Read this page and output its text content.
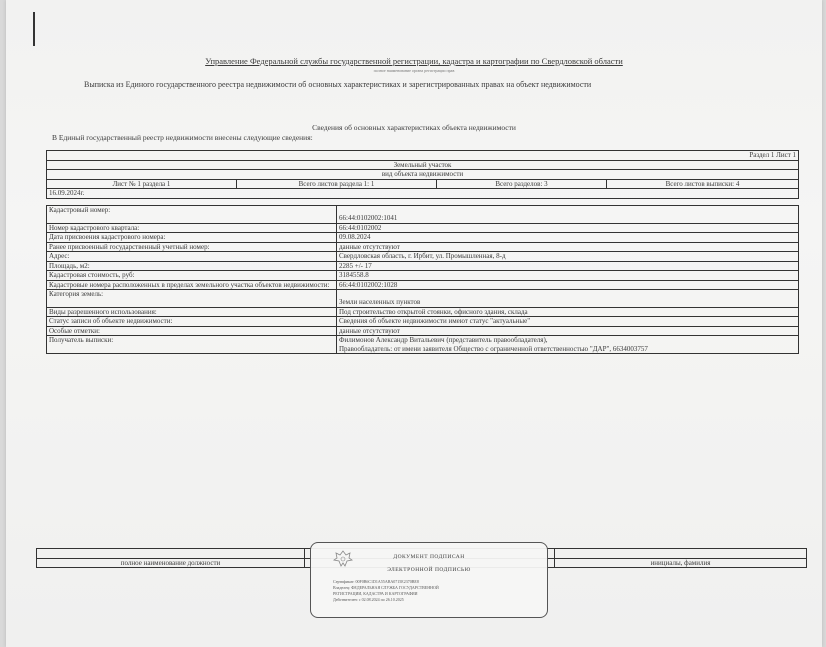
Управление Федеральной службы государственной регистрации, кадастра и картографии по Свердловской области
полное наименование органа регистрации прав
Выписка из Единого государственного реестра недвижимости об основных характеристиках и зарегистрированных правах на объект недвижимости
Сведения об основных характеристиках объекта недвижимости
В Единый государственный реестр недвижимости внесены следующие сведения:
Раздел 1 Лист 1
Земельный участок
вид объекта недвижимости
Лист № 1 раздела 1	Всего листов раздела 1: 1	Всего разделов: 3	Всего листов выписки: 4
16.09.2024г.
Кадастровый номер:	66:44:0102002:1041
Номер кадастрового квартала:	66:44:0102002
Дата присвоения кадастрового номера:	09.08.2024
Ранее присвоенный государственный учетный номер:	данные отсутствуют
Адрес:	Свердловская область, г. Ирбит, ул. Промышленная, 8-д
Площадь, м2:	2285 +/- 17
Кадастровая стоимость, руб:	3184558.8
Кадастровые номера расположенных в пределах земельного участка объектов недвижимости:	66:44:0102002:1028
Категория земель:	Земли населенных пунктов
Виды разрешенного использования:	Под строительство открытой стоянки, офисного здания, склада
Статус записи об объекте недвижимости:	Сведения об объекте недвижимости имеют статус "актуальные"
Особые отметки:	данные отсутствуют
Получатель выписки:	Филимонов Александр Витальевич (представитель правообладателя),
Правообладатель: от имени заявителя Общество с ограниченной ответственностью "ДАР", 6634003757

полное наименование должности		инициалы, фамилия
ДОКУМЕНТ ПОДПИСАН
ЭЛЕКТРОННОЙ ПОДПИСЬЮ
Сертификат: 00F0B6C1D1A55ABA0715E2370BE8
Владелец: ФЕДЕРАЛЬНАЯ СЛУЖБА ГОСУДАРСТВЕННОЙ
РЕГИСТРАЦИИ, КАДАСТРА И КАРТОГРАФИИ
Действителен: с 02.08.2024 по 26.10.2025
